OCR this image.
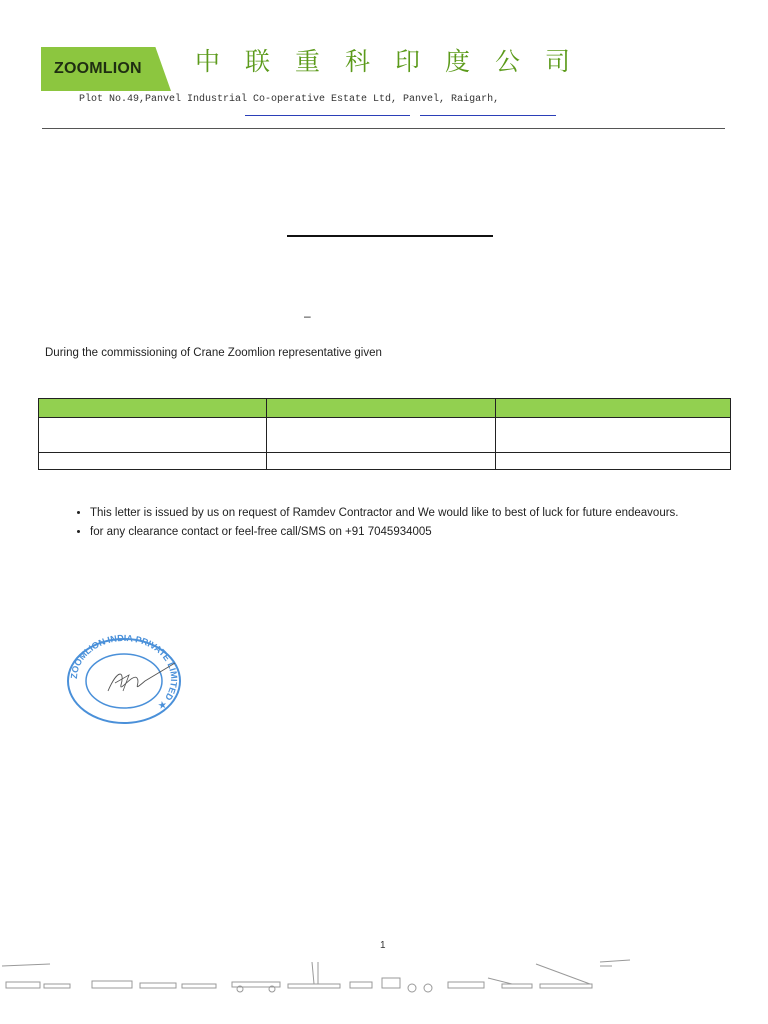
ZOOMLION 中联重科印度公司
Plot No.49,Panvel Industrial Co-operative Estate Ltd, Panvel, Raigarh,
–
During the commissioning of Crane Zoomlion representative given

• This letter is issued by us on request of Ramdev Contractor and We would like to best of luck for future endeavours.
• for any clearance contact or feel-free call/SMS on +91 7045934005
ZOOMLION INDIA PRIVATE LIMITED ★
1
